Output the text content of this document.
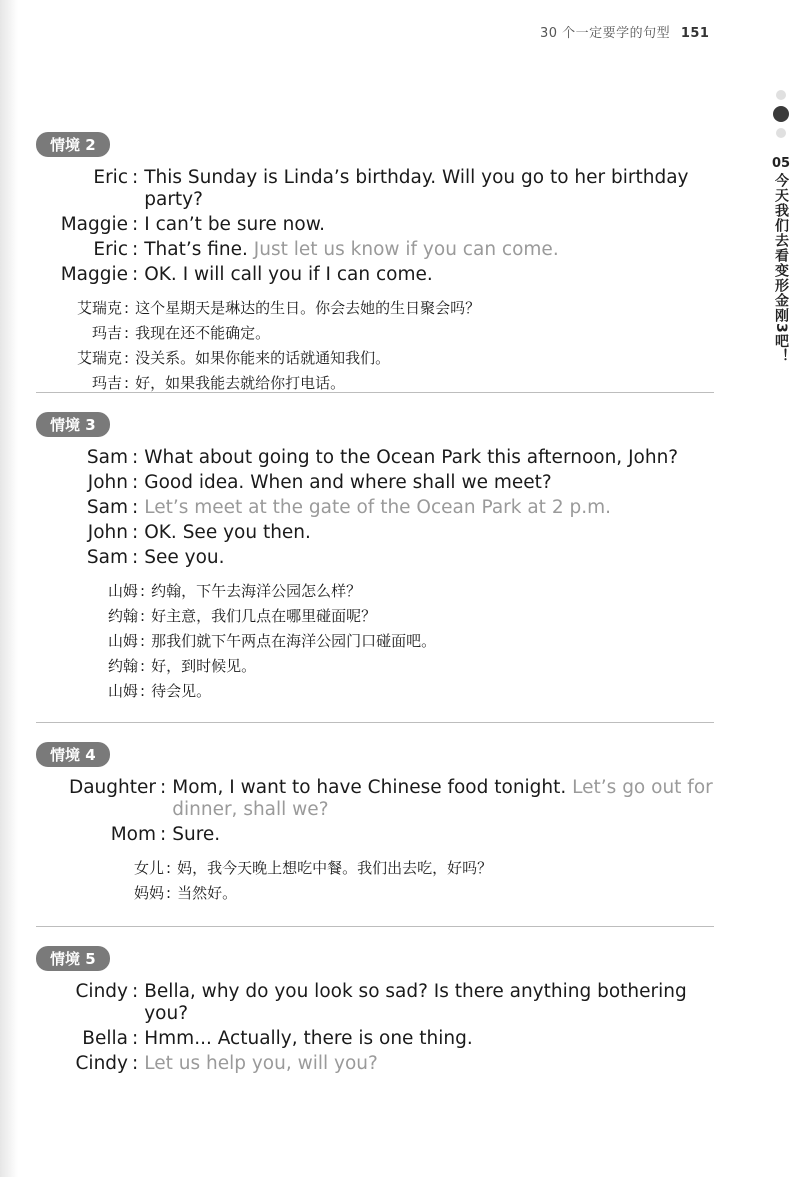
30 个一定要学的句型 151
05
今天我们去看变形金刚3吧！
情境 2
Eric : This Sunday is Linda’s birthday. Will you go to her birthday party?
Maggie : I can’t be sure now.
Eric : That’s fine. Just let us know if you can come.
Maggie : OK. I will call you if I can come.
艾瑞克 : 这个星期天是琳达的生日。你会去她的生日聚会吗？
玛吉 : 我现在还不能确定。
艾瑞克 : 没关系。如果你能来的话就通知我们。
玛吉 : 好，如果我能去就给你打电话。
情境 3
Sam : What about going to the Ocean Park this afternoon, John?
John : Good idea. When and where shall we meet?
Sam : Let’s meet at the gate of the Ocean Park at 2 p.m.
John : OK. See you then.
Sam : See you.
山姆 : 约翰，下午去海洋公园怎么样？
约翰 : 好主意，我们几点在哪里碰面呢？
山姆 : 那我们就下午两点在海洋公园门口碰面吧。
约翰 : 好，到时候见。
山姆 : 待会见。
情境 4
Daughter : Mom, I want to have Chinese food tonight. Let’s go out for dinner, shall we?
Mom : Sure.
女儿 : 妈，我今天晚上想吃中餐。我们出去吃，好吗？
妈妈 : 当然好。
情境 5
Cindy : Bella, why do you look so sad? Is there anything bothering you?
Bella : Hmm... Actually, there is one thing.
Cindy : Let us help you, will you?
